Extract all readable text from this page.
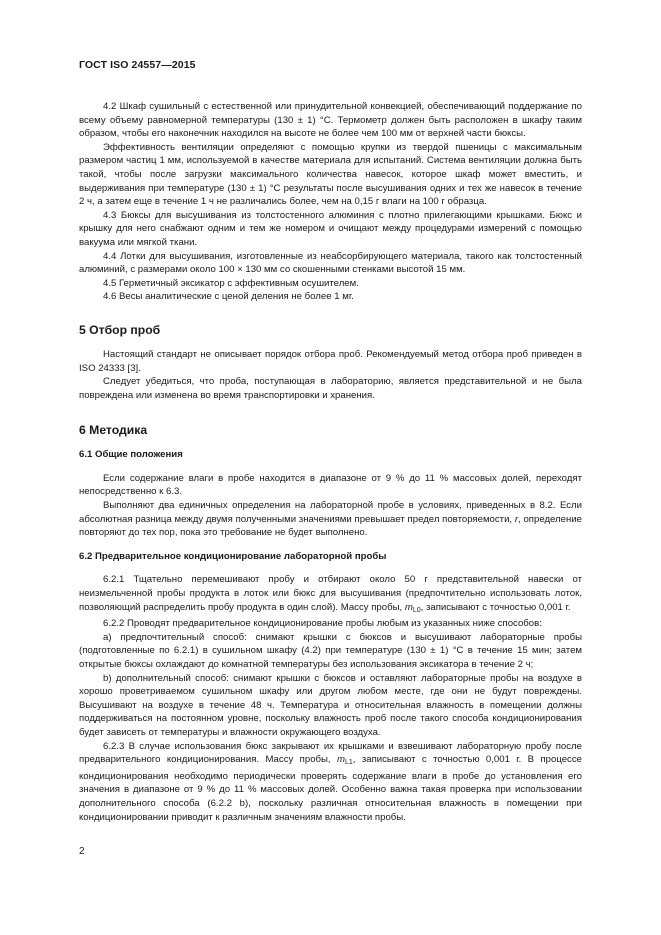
ГОСТ ISO 24557—2015

4.2 Шкаф сушильный с естественной или принудительной конвекцией, обеспечивающий поддержание по всему объему равномерной температуры (130 ± 1) °С. Термометр должен быть расположен в шкафу таким образом, чтобы его наконечник находился на высоте не более чем 100 мм от верхней части бюксы.

Эффективность вентиляции определяют с помощью крупки из твердой пшеницы с максимальным размером частиц 1 мм, используемой в качестве материала для испытаний. Система вентиляции должна быть такой, чтобы после загрузки максимального количества навесок, которое шкаф может вместить, и выдерживания при температуре (130 ± 1) °С результаты после высушивания одних и тех же навесок в течение 2 ч, а затем еще в течение 1 ч не различались более, чем на 0,15 г влаги на 100 г образца.

4.3 Бюксы для высушивания из толстостенного алюминия с плотно прилегающими крышками. Бюкс и крышку для него снабжают одним и тем же номером и очищают между процедурами измерений с помощью вакуума или мягкой ткани.

4.4 Лотки для высушивания, изготовленные из неабсорбирующего материала, такого как толстостенный алюминий, с размерами около 100 × 130 мм со скошенными стенками высотой 15 мм.

4.5 Герметичный эксикатор с эффективным осушителем.

4.6 Весы аналитические с ценой деления не более 1 мг.

5 Отбор проб

Настоящий стандарт не описывает порядок отбора проб. Рекомендуемый метод отбора проб приведен в ISO 24333 [3].

Следует убедиться, что проба, поступающая в лабораторию, является представительной и не была повреждена или изменена во время транспортировки и хранения.

6 Методика
6.1 Общие положения

Если содержание влаги в пробе находится в диапазоне от 9 % до 11 % массовых долей, переходят непосредственно к 6.3.

Выполняют два единичных определения на лабораторной пробе в условиях, приведенных в 8.2. Если абсолютная разница между двумя полученными значениями превышает предел повторяемости, r, определение повторяют до тех пор, пока это требование не будет выполнено.

6.2 Предварительное кондиционирование лабораторной пробы

6.2.1 Тщательно перемешивают пробу и отбирают около 50 г представительной навески от неизмельченной пробы продукта в лоток или бюкс для высушивания (предпочтительно использовать лоток, позволяющий распределить пробу продукта в один слой). Массу пробы, $m_{L0}$, записывают с точностью 0,001 г.

6.2.2 Проводят предварительное кондиционирование пробы любым из указанных ниже способов:

a) предпочтительный способ: снимают крышки с бюксов и высушивают лабораторные пробы (подготовленные по 6.2.1) в сушильном шкафу (4.2) при температуре (130 ± 1) °С в течение 15 мин; затем открытые бюксы охлаждают до комнатной температуры без использования эксикатора в течение 2 ч;

b) дополнительный способ: снимают крышки с бюксов и оставляют лабораторные пробы на воздухе в хорошо проветриваемом сушильном шкафу или другом любом месте, где они не будут повреждены. Высушивают на воздухе в течение 48 ч. Температура и относительная влажность в помещении должны поддерживаться на постоянном уровне, поскольку влажность проб после такого способа кондиционирования будет зависеть от температуры и влажности окружающего воздуха.

6.2.3 В случае использования бюкс закрывают их крышками и взвешивают лабораторную пробу после предварительного кондиционирования. Массу пробы, $m_{L1}$, записывают с точностью 0,001 г. В процессе кондиционирования необходимо периодически проверять содержание влаги в пробе до установления его значения в диапазоне от 9 % до 11 % массовых долей. Особенно важна такая проверка при использовании дополнительного способа (6.2.2 b), поскольку различная относительная влажность в помещении при кондиционировании приводит к различным значениям влажности пробы.

2
